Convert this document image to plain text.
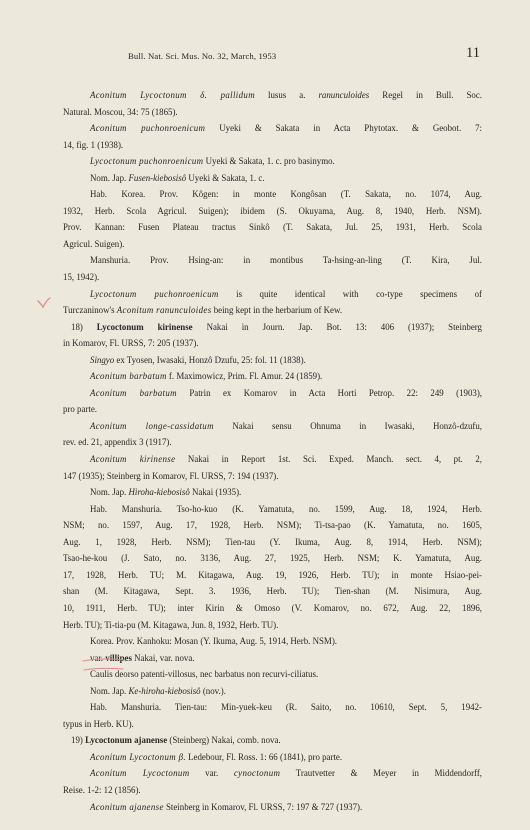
Bull. Nat. Sci. Mus. No. 32, March, 1953	11

Aconitum Lycoctonum δ. pallidum lusus a. ranunculoides Regel in Bull. Soc.

Natural. Moscou, 34: 75 (1865).

Aconitum puchonroenicum Uyeki & Sakata in Acta Phytotax. & Geobot. 7:

14, fig. 1 (1938).

Lycoctonum puchonroenicum Uyeki & Sakata, 1. c. pro basinymo.

Nom. Jap. Fusen-kiebosisô Uyeki & Sakata, 1. c.

Hab. Korea. Prov. Kôgen: in monte Kongôsan (T. Sakata, no. 1074, Aug.

1932, Herb. Scola Agricul. Suigen); ibidem (S. Okuyama, Aug. 8, 1940, Herb. NSM).

Prov. Kannan: Fusen Plateau tractus Sinkô (T. Sakata, Jul. 25, 1931, Herb. Scola

Agricul. Suigen).

Manshuria. Prov. Hsing-an: in montibus Ta-hsing-an-ling (T. Kira, Jul.

15, 1942).

Lycoctonum puchonroenicum is quite identical with co-type specimens of

Turczaninow's Aconitum ranunculoides being kept in the herbarium of Kew.

18) Lycoctonum kirinense Nakai in Journ. Jap. Bot. 13: 406 (1937); Steinberg

in Komarov, Fl. URSS, 7: 205 (1937).

Singyo ex Tyosen, Iwasaki, Honzô Dzufu, 25: fol. 11 (1838).

Aconitum barbatum f. Maximowicz, Prim. Fl. Amur. 24 (1859).

Aconitum barbatum Patrin ex Komarov in Acta Horti Petrop. 22: 249 (1903),

pro parte.

Aconitum longe-cassidatum Nakai sensu Ohnuma in Iwasaki, Honzô-dzufu,

rev. ed. 21, appendix 3 (1917).

Aconitum kirinense Nakai in Report 1st. Sci. Exped. Manch. sect. 4, pt. 2,

147 (1935); Steinberg in Komarov, Fl. URSS, 7: 194 (1937).

Nom. Jap. Hiroha-kiebosisô Nakai (1935).

Hab. Manshuria. Tso-ho-kuo (K. Yamatuta, no. 1599, Aug. 18, 1924, Herb.

NSM; no. 1597, Aug. 17, 1928, Herb. NSM); Ti-tsa-pao (K. Yamatuta, no. 1605,

Aug. 1, 1928, Herb. NSM); Tien-tau (Y. Ikuma, Aug. 8, 1914, Herb. NSM);

Tsao-he-kou (J. Sato, no. 3136, Aug. 27, 1925, Herb. NSM; K. Yamatuta, Aug.

17, 1928, Herb. TU; M. Kitagawa, Aug. 19, 1926, Herb. TU); in monte Hsiao-pei-

shan (M. Kitagawa, Sept. 3. 1936, Herb. TU); Tien-shan (M. Nisimura, Aug.

10, 1911, Herb. TU); inter Kirin & Omoso (V. Komarov, no. 672, Aug. 22, 1896,

Herb. TU); Ti-tia-pu (M. Kitagawa, Jun. 8, 1932, Herb. TU).

Korea. Prov. Kanhoku: Mosan (Y. Ikuma, Aug. 5, 1914, Herb. NSM).

var. villipes Nakai, var. nova.

Caulis deorso patenti-villosus, nec barbatus non recurvi-ciliatus.

Nom. Jap. Ke-hiroha-kiebosisô (nov.).

Hab. Manshuria. Tien-tau: Min-yuek-keu (R. Saito, no. 10610, Sept. 5, 1942-

typus in Herb. KU).

19) Lycoctonum ajanense (Steinberg) Nakai, comb. nova.

Aconitum Lycoctonum β. Ledebour, Fl. Ross. 1: 66 (1841), pro parte.

Aconitum Lycoctonum var. cynoctonum Trautvetter & Meyer in Middendorff,

Reise. 1-2: 12 (1856).

Aconitum ajanense Steinberg in Komarov, Fl. URSS, 7: 197 & 727 (1937).
